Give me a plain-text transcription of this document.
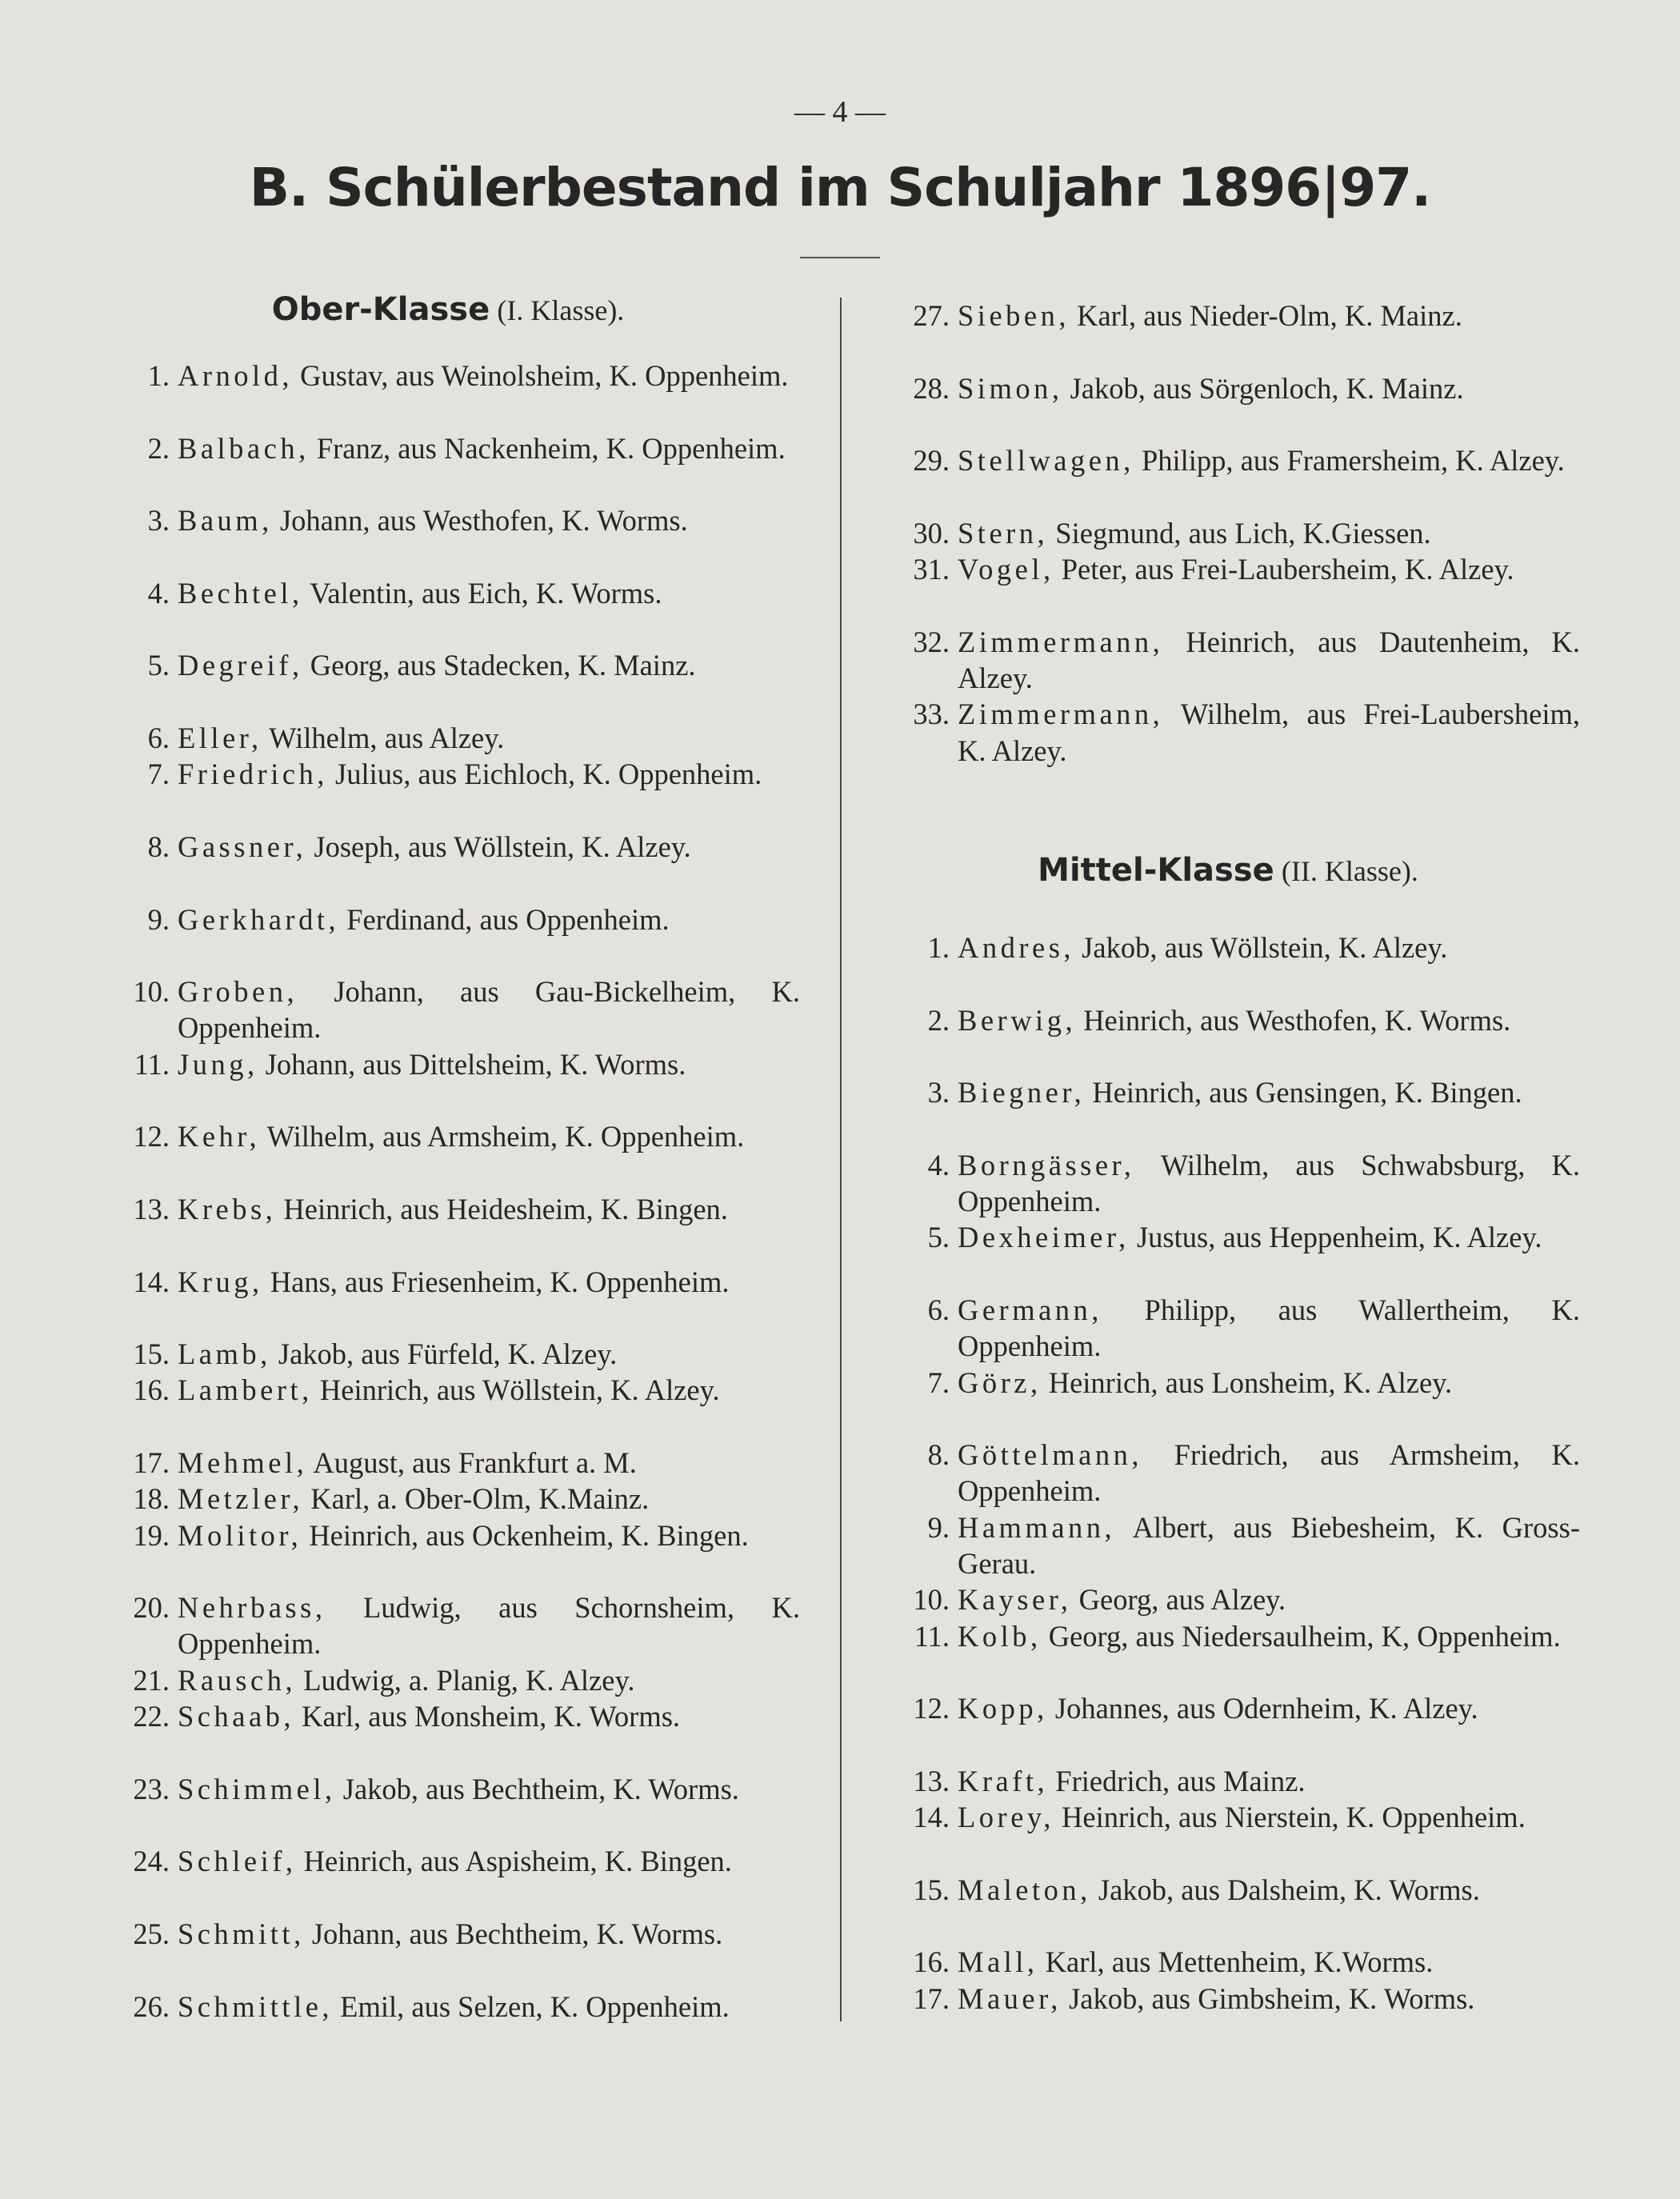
— 4 —
B. Schülerbestand im Schuljahr 1896|97.
Ober-Klasse (I. Klasse).
1. Arnold, Gustav, aus Weinolsheim, K. Oppenheim.
2. Balbach, Franz, aus Nackenheim, K. Oppenheim.
3. Baum, Johann, aus Westhofen, K. Worms.
4. Bechtel, Valentin, aus Eich, K. Worms.
5. Degreif, Georg, aus Stadecken, K. Mainz.
6. Eller, Wilhelm, aus Alzey.
7. Friedrich, Julius, aus Eichloch, K. Oppenheim.
8. Gassner, Joseph, aus Wöllstein, K. Alzey.
9. Gerkhardt, Ferdinand, aus Oppenheim.
10. Groben, Johann, aus Gau-Bickelheim, K. Oppenheim.
11. Jung, Johann, aus Dittelsheim, K. Worms.
12. Kehr, Wilhelm, aus Armsheim, K. Oppenheim.
13. Krebs, Heinrich, aus Heidesheim, K. Bingen.
14. Krug, Hans, aus Friesenheim, K. Oppenheim.
15. Lamb, Jakob, aus Fürfeld, K. Alzey.
16. Lambert, Heinrich, aus Wöllstein, K. Alzey.
17. Mehmel, August, aus Frankfurt a. M.
18. Metzler, Karl, a. Ober-Olm, K.Mainz.
19. Molitor, Heinrich, aus Ockenheim, K. Bingen.
20. Nehrbass, Ludwig, aus Schornsheim, K. Oppenheim.
21. Rausch, Ludwig, a. Planig, K. Alzey.
22. Schaab, Karl, aus Monsheim, K. Worms.
23. Schimmel, Jakob, aus Bechtheim, K. Worms.
24. Schleif, Heinrich, aus Aspisheim, K. Bingen.
25. Schmitt, Johann, aus Bechtheim, K. Worms.
26. Schmittle, Emil, aus Selzen, K. Oppenheim.
27. Sieben, Karl, aus Nieder-Olm, K. Mainz.
28. Simon, Jakob, aus Sörgenloch, K. Mainz.
29. Stellwagen, Philipp, aus Framersheim, K. Alzey.
30. Stern, Siegmund, aus Lich, K.Giessen.
31. Vogel, Peter, aus Frei-Laubersheim, K. Alzey.
32. Zimmermann, Heinrich, aus Dautenheim, K. Alzey.
33. Zimmermann, Wilhelm, aus Frei-Laubersheim, K. Alzey.
Mittel-Klasse (II. Klasse).
1. Andres, Jakob, aus Wöllstein, K. Alzey.
2. Berwig, Heinrich, aus Westhofen, K. Worms.
3. Biegner, Heinrich, aus Gensingen, K. Bingen.
4. Borngässer, Wilhelm, aus Schwabsburg, K. Oppenheim.
5. Dexheimer, Justus, aus Heppenheim, K. Alzey.
6. Germann, Philipp, aus Wallertheim, K. Oppenheim.
7. Görz, Heinrich, aus Lonsheim, K. Alzey.
8. Göttelmann, Friedrich, aus Armsheim, K. Oppenheim.
9. Hammann, Albert, aus Biebesheim, K. Gross-Gerau.
10. Kayser, Georg, aus Alzey.
11. Kolb, Georg, aus Niedersaulheim, K, Oppenheim.
12. Kopp, Johannes, aus Odernheim, K. Alzey.
13. Kraft, Friedrich, aus Mainz.
14. Lorey, Heinrich, aus Nierstein, K. Oppenheim.
15. Maleton, Jakob, aus Dalsheim, K. Worms.
16. Mall, Karl, aus Mettenheim, K.Worms.
17. Mauer, Jakob, aus Gimbsheim, K. Worms.
